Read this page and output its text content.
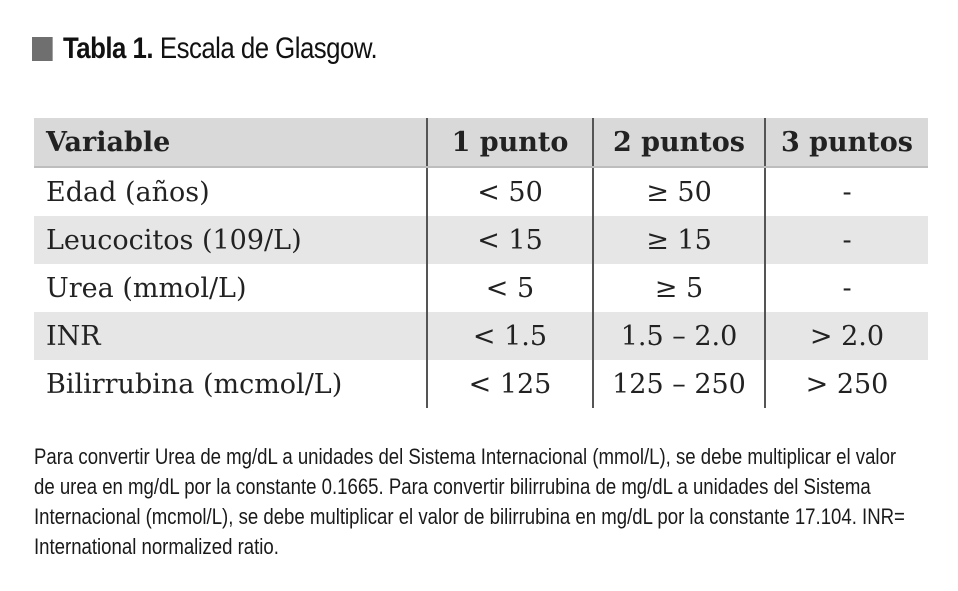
Tabla 1. Escala de Glasgow.
Variable	1 punto	2 puntos	3 puntos
Edad (años)	< 50	≥ 50	-
Leucocitos (109/L)	< 15	≥ 15	-
Urea (mmol/L)	< 5	≥ 5	-
INR	< 1.5	1.5 – 2.0	> 2.0
Bilirrubina (mcmol/L)	< 125	125 – 250	> 250

Para convertir Urea de mg/dL a unidades del Sistema Internacional (mmol/L), se debe multiplicar el valor de urea en mg/dL por la constante 0.1665. Para convertir bilirrubina de mg/dL a unidades del Sistema Internacional (mcmol/L), se debe multiplicar el valor de bilirrubina en mg/dL por la constante 17.104. INR= International normalized ratio.
